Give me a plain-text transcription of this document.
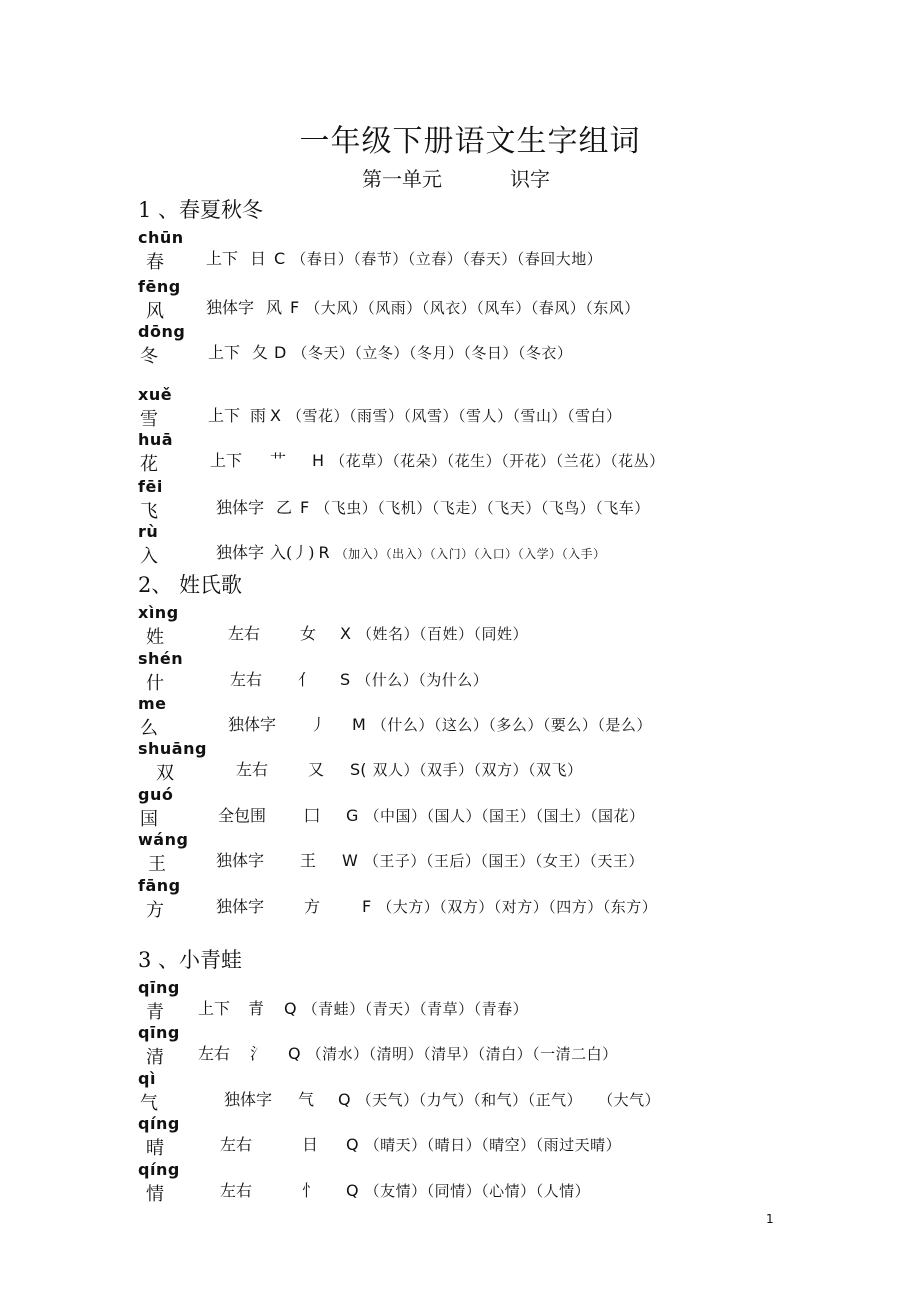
一年级下册语文生字组词
第一单元	识字
1 、春夏秋冬
chūn
春	上下 日 C （春日）（春节）（立春）（春天）（春回大地）
fēng
风	独体字 风 F （大风）（风雨）（风衣）（风车）（春风）（东风）
dōng
冬	上下 夂 D （冬天）（立冬）（冬月）（冬日）（冬衣）
xuě
雪	上下 雨 X （雪花）（雨雪）（风雪）（雪人）（雪山）（雪白）
huā
花	上下 艹 H （花草）（花朵）（花生）（开花）（兰花）（花丛）
fēi
飞	独体字 乙 F （飞虫）（飞机）（飞走）（飞天）（飞鸟）（飞车）
rù
入	独体字 入(丿) R （加入）（出入）（入门）（入口）（入学）（入手）
2、 姓氏歌
xìng
姓	左右	女 X （姓名）（百姓）（同姓）
shén
什	左右 亻 S （什么）（为什么）
me
么	独体字 丿 M （什么）（这么）（多么）（要么）（是么）
shuāng
双	左右	又 S( 双人）（双手）（双方）（双飞）
guó
国	全包围 囗 G （中国）（国人）（国王）（国土）（国花）
wáng
王	独体字 王 W （王子）（王后）（国王）（女王）（天王）
fāng
方	独体字	方	F （大方）（双方）（对方）（四方）（东方）
3 、小青蛙
qīng
青 上下 青 Q （青蛙）（青天）（青草）（青春）
qīng
清 左右 氵 Q （清水）（清明）（清早）（清白）（一清二白）
qì
气	独体字 气 Q （天气）（力气）（和气）（正气）　　（大气）
qíng
晴	左右	日 Q （晴天）（晴日）（晴空）（雨过天晴）
qíng
情	左右	忄 Q （友情）（同情）（心情）（人情）
1
